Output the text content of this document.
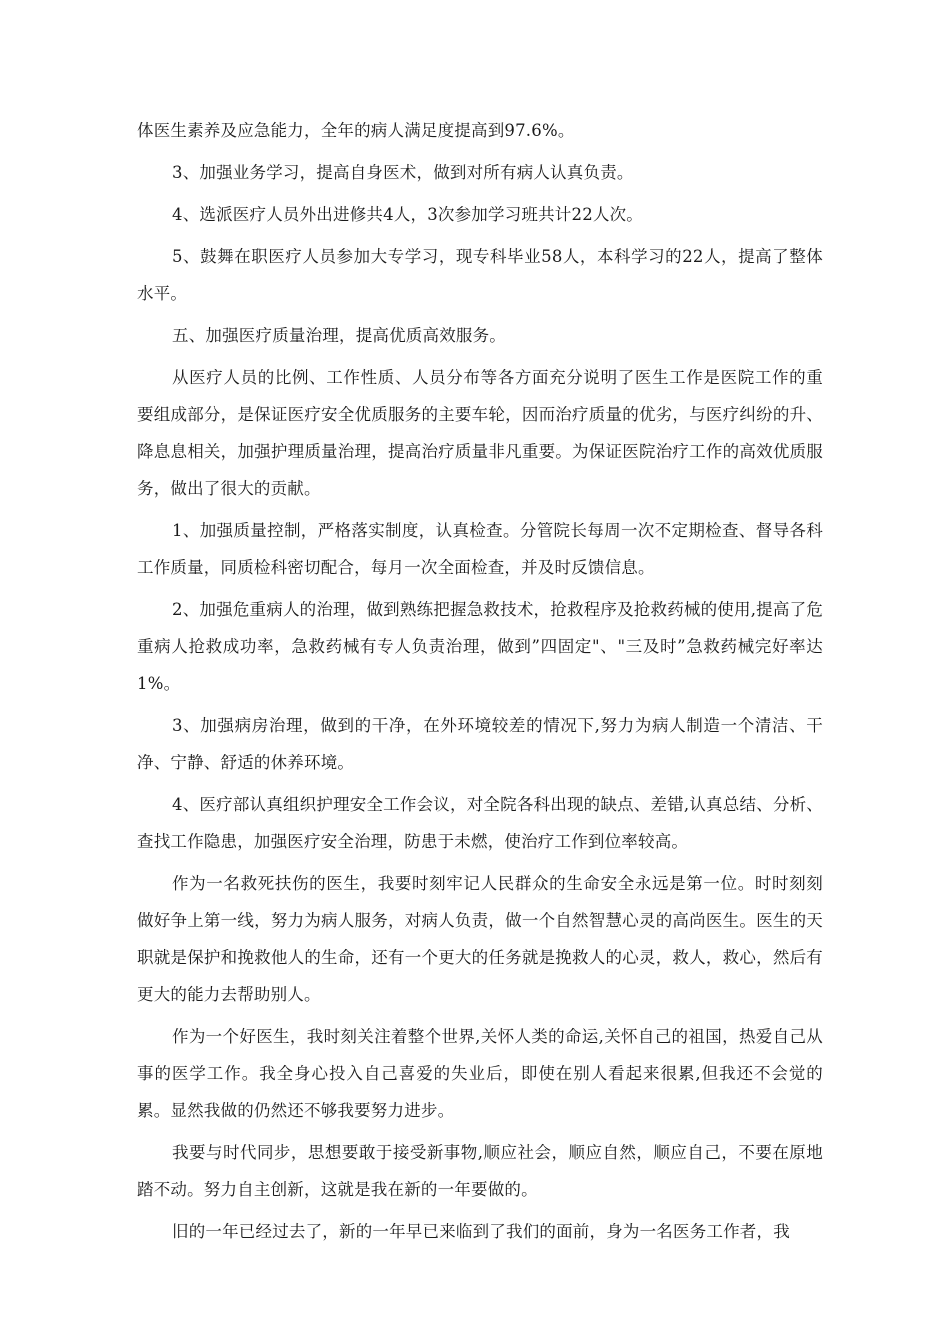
体医生素养及应急能力，全年的病人满足度提高到97.6%。

3、加强业务学习，提高自身医术，做到对所有病人认真负责。

4、选派医疗人员外出进修共4人，3次参加学习班共计22人次。

5、鼓舞在职医疗人员参加大专学习，现专科毕业58人，本科学习的22人，提高了整体水平。

五、加强医疗质量治理，提高优质高效服务。

从医疗人员的比例、工作性质、人员分布等各方面充分说明了医生工作是医院工作的重要组成部分，是保证医疗安全优质服务的主要车轮，因而治疗质量的优劣，与医疗纠纷的升、降息息相关，加强护理质量治理，提高治疗质量非凡重要。为保证医院治疗工作的高效优质服务，做出了很大的贡献。

1、加强质量控制，严格落实制度，认真检查。分管院长每周一次不定期检查、督导各科工作质量，同质检科密切配合，每月一次全面检查，并及时反馈信息。

2、加强危重病人的治理，做到熟练把握急救技术，抢救程序及抢救药械的使用,提高了危重病人抢救成功率，急救药械有专人负责治理，做到”四固定"、"三及时”急救药械完好率达1%。

3、加强病房治理，做到的干净，在外环境较差的情况下,努力为病人制造一个清洁、干净、宁静、舒适的休养环境。

4、医疗部认真组织护理安全工作会议，对全院各科出现的缺点、差错,认真总结、分析、查找工作隐患，加强医疗安全治理，防患于未燃，使治疗工作到位率较高。

作为一名救死扶伤的医生，我要时刻牢记人民群众的生命安全永远是第一位。时时刻刻做好争上第一线，努力为病人服务，对病人负责，做一个自然智慧心灵的高尚医生。医生的天职就是保护和挽救他人的生命，还有一个更大的任务就是挽救人的心灵，救人，救心，然后有更大的能力去帮助别人。

作为一个好医生，我时刻关注着整个世界,关怀人类的命运,关怀自己的祖国，热爱自己从事的医学工作。我全身心投入自己喜爱的失业后，即使在别人看起来很累,但我还不会觉的累。显然我做的仍然还不够我要努力进步。

我要与时代同步，思想要敢于接受新事物,顺应社会，顺应自然，顺应自己，不要在原地踏不动。努力自主创新，这就是我在新的一年要做的。

旧的一年已经过去了，新的一年早已来临到了我们的面前，身为一名医务工作者，我
